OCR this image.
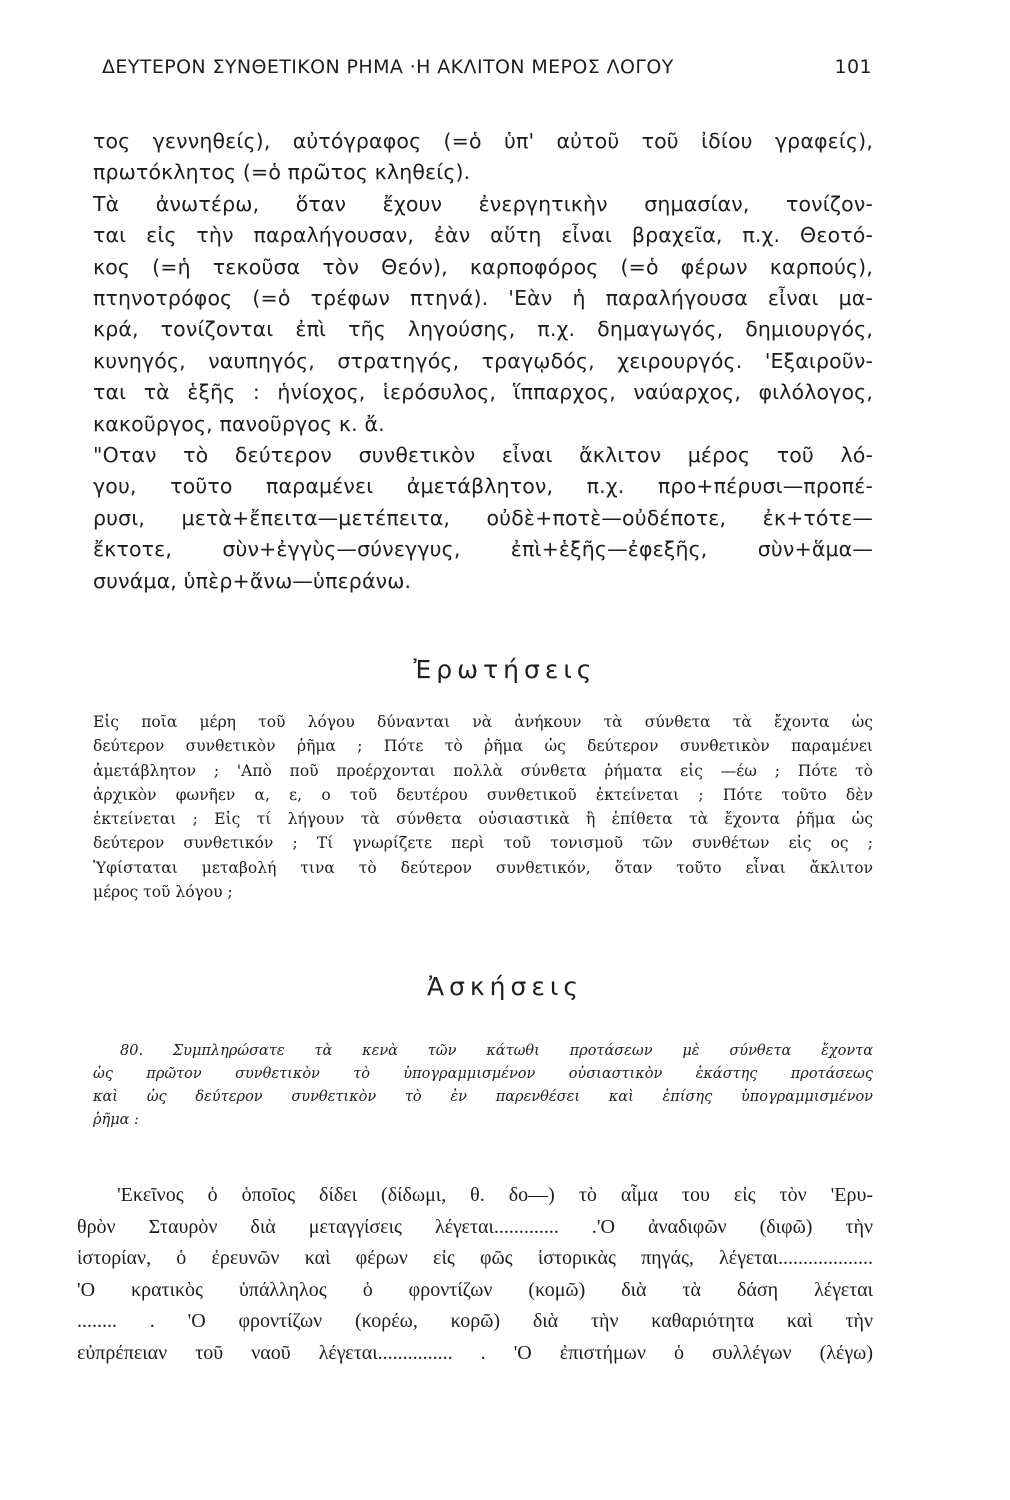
ΔΕΥΤΕΡΟΝ ΣΥΝΘΕΤΙΚΟΝ ΡΗΜΑ ·Η ΑΚΛΙΤΟΝ ΜΕΡΟΣ ΛΟΓΟΥ	101

τος γεννηθείς), αὐτόγραφος (=ὁ ὑπ' αὐτοῦ τοῦ ἰδίου γραφείς),

πρωτόκλητος (=ὁ πρῶτος κληθείς).

Τὰ ἀνωτέρω, ὅταν ἔχουν ἐνεργητικὴν σημασίαν, τονίζον-

ται εἰς τὴν παραλήγουσαν, ἐὰν αὕτη εἶναι βραχεῖα, π.χ. Θεοτό-

κος (=ἡ τεκοῦσα τὸν Θεόν), καρποφόρος (=ὁ φέρων καρπούς),

πτηνοτρόφος (=ὁ τρέφων πτηνά). 'Εὰν ἡ παραλήγουσα εἶναι μα-

κρά, τονίζονται ἐπὶ τῆς ληγούσης, π.χ. δημαγωγός, δημιουργός,

κυνηγός, ναυπηγός, στρατηγός, τραγῳδός, χειρουργός. 'Εξαιροῦν-

ται τὰ ἑξῆς : ἡνίοχος, ἱερόσυλος, ἵππαρχος, ναύαρχος, φιλόλογος,

κακοῦργος, πανοῦργος κ. ἄ.

"Οταν τὸ δεύτερον συνθετικὸν εἶναι ἄκλιτον μέρος τοῦ λό-

γου, τοῦτο παραμένει ἀμετάβλητον, π.χ. προ+πέρυσι—προπέ-

ρυσι, μετὰ+ἔπειτα—μετέπειτα, οὐδὲ+ποτὲ—οὐδέποτε, ἐκ+τότε—

ἔκτοτε, σὺν+ἐγγὺς—σύνεγγυς, ἐπὶ+ἑξῆς—ἐφεξῆς, σὺν+ἅμα—

συνάμα, ὑπὲρ+ἄνω—ὑπεράνω.

Ἐρωτήσεις

Εἰς ποῖα μέρη τοῦ λόγου δύνανται νὰ ἀνήκουν τὰ σύνθετα τὰ ἔχοντα ὡς

δεύτερον συνθετικὸν ῥῆμα ; Πότε τὸ ῥῆμα ὡς δεύτερον συνθετικὸν παραμένει

ἀμετάβλητον ; 'Απὸ ποῦ προέρχονται πολλὰ σύνθετα ῥήματα εἰς —έω ; Πότε τὸ

ἀρχικὸν φωνῆεν α, ε, ο τοῦ δευτέρου συνθετικοῦ ἐκτείνεται ; Πότε τοῦτο δὲν

ἐκτείνεται ; Εἰς τί λήγουν τὰ σύνθετα οὐσιαστικὰ ἢ ἐπίθετα τὰ ἔχοντα ῥῆμα ὡς

δεύτερον συνθετικόν ; Τί γνωρίζετε περὶ τοῦ τονισμοῦ τῶν συνθέτων εἰς ος ;

Ὑφίσταται μεταβολή τινα τὸ δεύτερον συνθετικόν, ὅταν τοῦτο εἶναι ἄκλιτον

μέρος τοῦ λόγου ;

Ἀσκήσεις

80. Συμπληρώσατε τὰ κενὰ τῶν κάτωθι προτάσεων μὲ σύνθετα ἔχοντα

ὡς πρῶτον συνθετικὸν τὸ ὑπογραμμισμένον οὐσιαστικὸν ἑκάστης προτάσεως

καὶ ὡς δεύτερον συνθετικὸν τὸ ἐν παρενθέσει καὶ ἐπίσης ὑπογραμμισμένον

ῥῆμα :

'Εκεῖνος ὁ ὁποῖος δίδει (δίδωμι, θ. δο—) τὸ αἷμα του εἰς τὸν 'Ερυ-

θρὸν Σταυρὸν διὰ μεταγγίσεις λέγεται............. .'Ο ἀναδιφῶν (διφῶ) τὴν

ἱστορίαν, ὁ ἐρευνῶν καὶ φέρων εἰς φῶς ἱστορικὰς πηγάς, λέγεται...................

'Ο κρατικὸς ὑπάλληλος ὁ φροντίζων (κομῶ) διὰ τὰ δάση λέγεται

........ . 'Ο φροντίζων (κορέω, κορῶ) διὰ τὴν καθαριότητα καὶ τὴν

εὐπρέπειαν τοῦ ναοῦ λέγεται............... . 'Ο ἐπιστήμων ὁ συλλέγων (λέγω)
